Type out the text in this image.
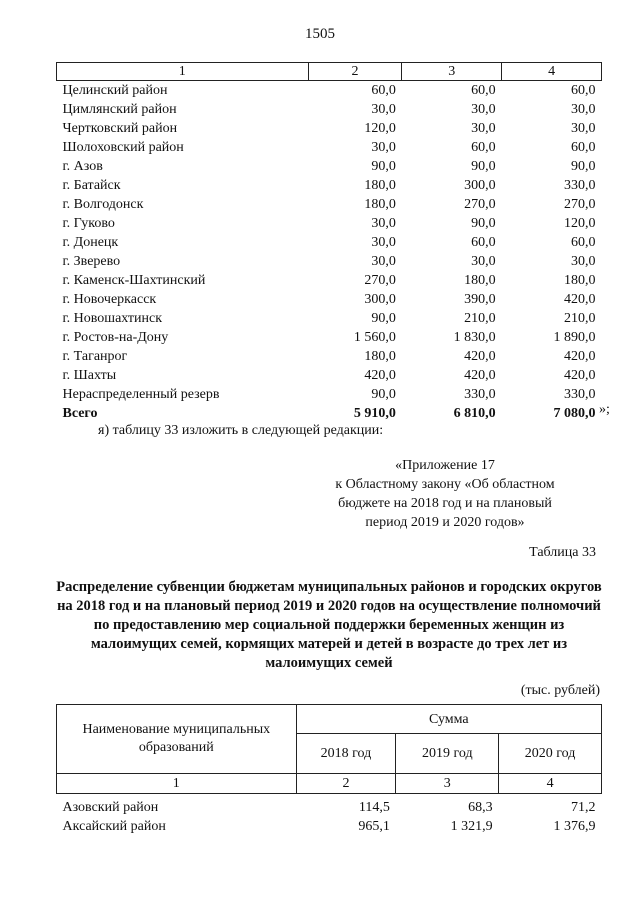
1505
1	2	3	4
Целинский район	60,0	60,0	60,0
Цимлянский район	30,0	30,0	30,0
Чертковский район	120,0	30,0	30,0
Шолоховский район	30,0	60,0	60,0
г. Азов	90,0	90,0	90,0
г. Батайск	180,0	300,0	330,0
г. Волгодонск	180,0	270,0	270,0
г. Гуково	30,0	90,0	120,0
г. Донецк	30,0	60,0	60,0
г. Зверево	30,0	30,0	30,0
г. Каменск-Шахтинский	270,0	180,0	180,0
г. Новочеркасск	300,0	390,0	420,0
г. Новошахтинск	90,0	210,0	210,0
г. Ростов-на-Дону	1 560,0	1 830,0	1 890,0
г. Таганрог	180,0	420,0	420,0
г. Шахты	420,0	420,0	420,0
Нераспределенный резерв	90,0	330,0	330,0
Всего	5 910,0	6 810,0	7 080,0 »;
я) таблицу 33 изложить в следующей редакции:
«Приложение 17
к Областному закону «Об областном
бюджете на 2018 год и на плановый
период 2019 и 2020 годов»
Таблица 33
Распределение субвенции бюджетам муниципальных районов и городских округов на 2018 год и на плановый период 2019 и 2020 годов на осуществление полномочий по предоставлению мер социальной поддержки беременных женщин из малоимущих семей, кормящих матерей и детей в возрасте до трех лет из малоимущих семей
(тыс. рублей)
Наименование муниципальных образований	Сумма		
	2018 год	2019 год	2020 год
1	2	3	4

Азовский район	114,5	68,3	71,2
Аксайский район	965,1	1 321,9	1 376,9
